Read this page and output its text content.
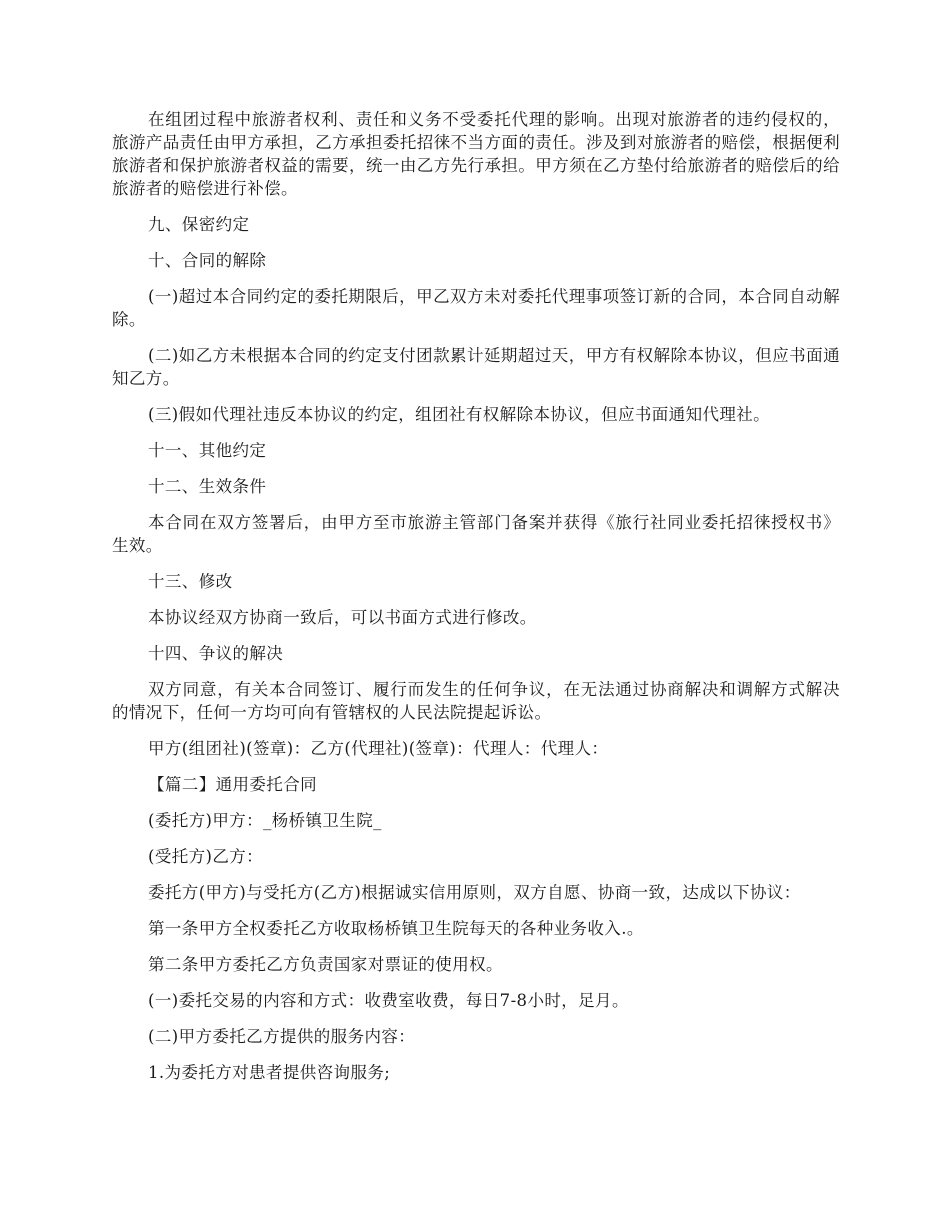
在组团过程中旅游者权利、责任和义务不受委托代理的影响。出现对旅游者的违约侵权的，旅游产品责任由甲方承担，乙方承担委托招徕不当方面的责任。涉及到对旅游者的赔偿，根据便利旅游者和保护旅游者权益的需要，统一由乙方先行承担。甲方须在乙方垫付给旅游者的赔偿后的给旅游者的赔偿进行补偿。

九、保密约定

十、合同的解除

(一)超过本合同约定的委托期限后，甲乙双方未对委托代理事项签订新的合同，本合同自动解除。

(二)如乙方未根据本合同的约定支付团款累计延期超过天，甲方有权解除本协议，但应书面通知乙方。

(三)假如代理社违反本协议的约定，组团社有权解除本协议，但应书面通知代理社。

十一、其他约定

十二、生效条件

本合同在双方签署后，由甲方至市旅游主管部门备案并获得《旅行社同业委托招徕授权书》生效。

十三、修改

本协议经双方协商一致后，可以书面方式进行修改。

十四、争议的解决

双方同意，有关本合同签订、履行而发生的任何争议，在无法通过协商解决和调解方式解决的情况下，任何一方均可向有管辖权的人民法院提起诉讼。

甲方(组团社)(签章)：乙方(代理社)(签章)：代理人：代理人：

【篇二】通用委托合同

(委托方)甲方：_杨桥镇卫生院_

(受托方)乙方：

委托方(甲方)与受托方(乙方)根据诚实信用原则，双方自愿、协商一致，达成以下协议：

第一条甲方全权委托乙方收取杨桥镇卫生院每天的各种业务收入.。

第二条甲方委托乙方负责国家对票证的使用权。

(一)委托交易的内容和方式：收费室收费，每日7-8小时，足月。

(二)甲方委托乙方提供的服务内容：

1.为委托方对患者提供咨询服务;
